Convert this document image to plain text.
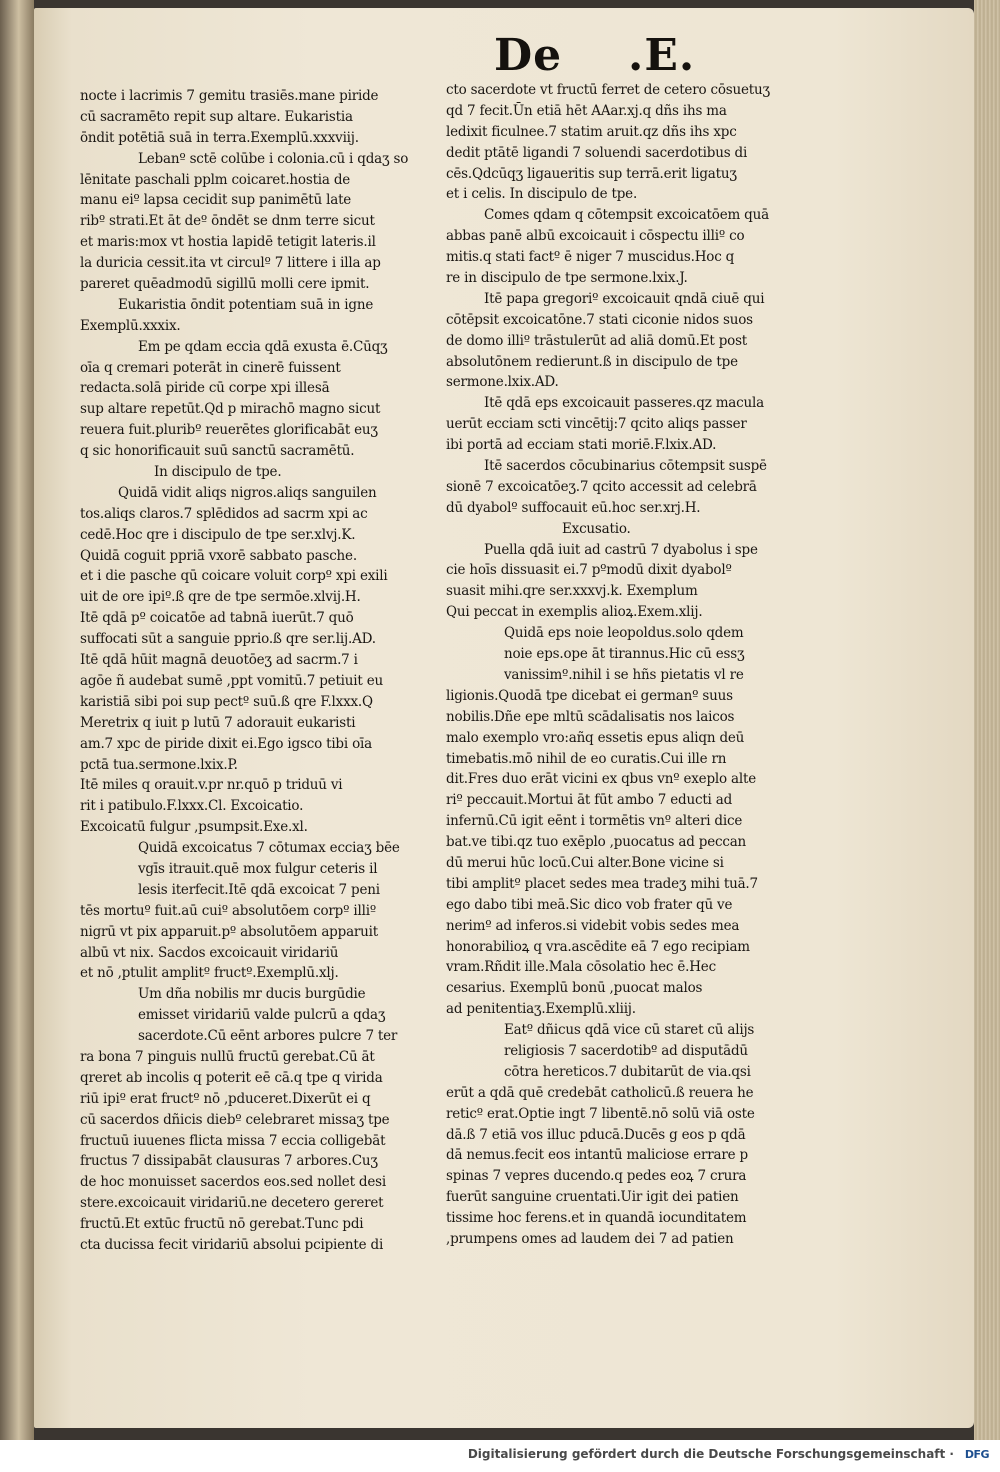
De .E.
nocte i lacrimis 7 gemitu trasiēs.mane piride
cū sacramēto repit sup altare. Eukaristia
ōndit potētiā suā in terra.Exemplū.xxxviij.
Lebanº sctē colūbe i colonia.cū i qdaʒ so
lēnitate paschali pplm coicaret.hostia de
manu eiº lapsa cecidit sup panimētū late
ribº strati.Et āt deº ōndēt se dnm terre sicut
et maris:mox vt hostia lapidē tetigit lateris.il
la duricia cessit.ita vt circulº 7 littere i illa ap
pareret quēadmodū sigillū molli cere ipmit.
Eukaristia ōndit potentiam suā in igne
Exemplū.xxxix.
Em pe qdam eccia qdā exusta ē.Cūqʒ
oīa q cremari poterāt in cinerē fuissent
redacta.solā piride cū corpe xpi illesā
sup altare repetūt.Qd p mirachō magno sicut
reuera fuit.pluribº reuerētes glorificabāt euʒ
q sic honorificauit suū sanctū sacramētū.
In discipulo de tpe.
Quidā vidit aliqs nigros.aliqs sanguilen
tos.aliqs claros.7 splēdidos ad sacrm xpi ac
cedē.Hoc qre i discipulo de tpe ser.xlvj.K.
Quidā coguit ppriā vxorē sabbato pasche.
et i die pasche qū coicare voluit corpº xpi exili
uit de ore ipiº.ß qre de tpe sermōe.xlvij.H.
Itē qdā pº coicatōe ad tabnā iuerūt.7 quō
suffocati sūt a sanguie pprio.ß qre ser.lij.AD.
Itē qdā hūit magnā deuotōeʒ ad sacrm.7 i
agōe ñ audebat sumē ,ppt vomitū.7 petiuit eu
karistiā sibi poi sup pectº suū.ß qre F.lxxx.Q
Meretrix q iuit p lutū 7 adorauit eukaristi
am.7 xpc de piride dixit ei.Ego igsco tibi oīa
pctā tua.sermone.lxix.P.
Itē miles q orauit.v.pr nr.quō p triduū vi
rit i patibulo.F.lxxx.Cl. Excoicatio.
Excoicatū fulgur ,psumpsit.Exe.xl.
Quidā excoicatus 7 cōtumax ecciaʒ bēe
vgīs itrauit.quē mox fulgur ceteris il
lesis iterfecit.Itē qdā excoicat 7 peni
tēs mortuº fuit.aū cuiº absolutōem corpº illiº
nigrū vt pix apparuit.pº absolutōem apparuit
albū vt nix. Sacdos excoicauit viridariū
et nō ,ptulit amplitº fructº.Exemplū.xlj.
Um dña nobilis mr ducis burgūdie
emisset viridariū valde pulcrū a qdaʒ
sacerdote.Cū eēnt arbores pulcre 7 ter
ra bona 7 pinguis nullū fructū gerebat.Cū āt
qreret ab incolis q poterit eē cā.q tpe q virida
riū ipiº erat fructº nō ,pduceret.Dixerūt ei q
cū sacerdos dñicis diebº celebraret missaʒ tpe
fructuū iuuenes flicta missa 7 eccia colligebāt
fructus 7 dissipabāt clausuras 7 arbores.Cuʒ
de hoc monuisset sacerdos eos.sed nollet desi
stere.excoicauit viridariū.ne decetero gereret
fructū.Et extūc fructū nō gerebat.Tunc pdi
cta ducissa fecit viridariū absolui pcipiente di
cto sacerdote vt fructū ferret de cetero cōsuetuʒ
qd 7 fecit.Ūn etiā hēt AAar.xj.q dñs ihs ma
ledixit ficulnee.7 statim aruit.qz dñs ihs xpc
dedit ptātē ligandi 7 soluendi sacerdotibus di
cēs.Qdcūqʒ ligaueritis sup terrā.erit ligatuʒ
et i celis. In discipulo de tpe.
Comes qdam q cōtempsit excoicatōem quā
abbas panē albū excoicauit i cōspectu illiº co
mitis.q stati factº ē niger 7 muscidus.Hoc q
re in discipulo de tpe sermone.lxix.J.
Itē papa gregoriº excoicauit qndā ciuē qui
cōtēpsit excoicatōne.7 stati ciconie nidos suos
de domo illiº trāstulerūt ad aliā domū.Et post
absolutōnem redierunt.ß in discipulo de tpe
sermone.lxix.AD.
Itē qdā eps excoicauit passeres.qz macula
uerūt ecciam scti vincētij:7 qcito aliqs passer
ibi portā ad ecciam stati moriē.F.lxix.AD.
Itē sacerdos cōcubinarius cōtempsit suspē
sionē 7 excoicatōeʒ.7 qcito accessit ad celebrā
dū dyabolº suffocauit eū.hoc ser.xrj.H.
Excusatio.
Puella qdā iuit ad castrū 7 dyabolus i spe
cie hoīs dissuasit ei.7 pºmodū dixit dyabolº
suasit mihi.qre ser.xxxvj.k. Exemplum
Qui peccat in exemplis alioꝝ.Exem.xlij.
Quidā eps noie leopoldus.solo qdem
noie eps.ope āt tirannus.Hic cū essʒ
vanissimº.nihil i se hñs pietatis vl re
ligionis.Quodā tpe dicebat ei germanº suus
nobilis.Dñe epe mltū scādalisatis nos laicos
malo exemplo vro:añq essetis epus aliqn deū
timebatis.mō nihil de eo curatis.Cui ille rn
dit.Fres duo erāt vicini ex qbus vnº exeplo alte
riº peccauit.Mortui āt fūt ambo 7 educti ad
infernū.Cū igit eēnt i tormētis vnº alteri dice
bat.ve tibi.qz tuo exēplo ,puocatus ad peccan
dū merui hūc locū.Cui alter.Bone vicine si
tibi amplitº placet sedes mea tradeʒ mihi tuā.7
ego dabo tibi meā.Sic dico vob frater qū ve
nerimº ad inferos.si videbit vobis sedes mea
honorabilioꝝ q vra.ascēdite eā 7 ego recipiam
vram.Rñdit ille.Mala cōsolatio hec ē.Hec
cesarius. Exemplū bonū ,puocat malos
ad penitentiaʒ.Exemplū.xliij.
Eatº dñicus qdā vice cū staret cū alijs
religiosis 7 sacerdotibº ad disputādū
cōtra hereticos.7 dubitarūt de via.qsi
erūt a qdā quē credebāt catholicū.ß reuera he
reticº erat.Optie ingt 7 libentē.nō solū viā oste
dā.ß 7 etiā vos illuc pducā.Ducēs g eos p qdā
dā nemus.fecit eos intantū maliciose errare p
spinas 7 vepres ducendo.q pedes eoꝝ 7 crura
fuerūt sanguine cruentati.Uir igit dei patien
tissime hoc ferens.et in quandā iocunditatem
,prumpens omes ad laudem dei 7 ad patien
Digitalisierung gefördert durch die Deutsche Forschungsgemeinschaft · DFG
